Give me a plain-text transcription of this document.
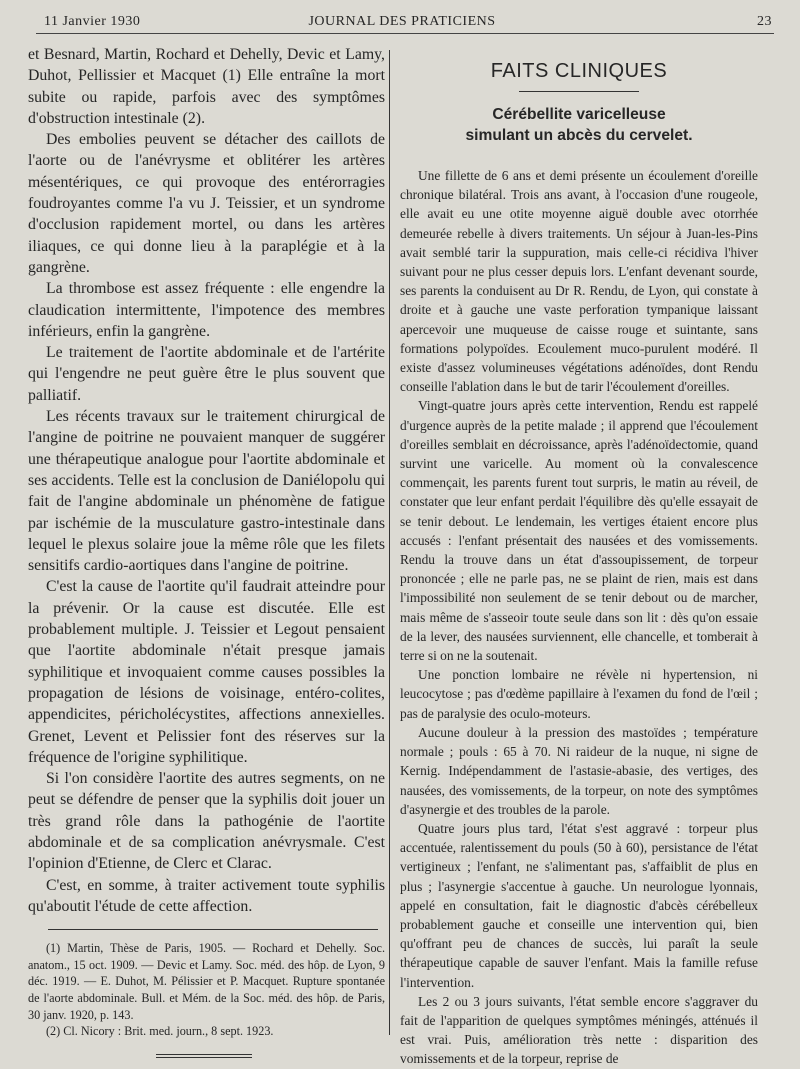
11 Janvier 1930	JOURNAL DES PRATICIENS	23

et Besnard, Martin, Rochard et Dehelly, Devic et Lamy, Duhot, Pellissier et Macquet (1) Elle entraîne la mort subite ou rapide, parfois avec des symptômes d'obstruction intestinale (2).

Des embolies peuvent se détacher des caillots de l'aorte ou de l'anévrysme et oblitérer les artères mésentériques, ce qui provoque des entérorragies foudroyantes comme l'a vu J. Teissier, et un syndrome d'occlusion rapidement mortel, ou dans les artères iliaques, ce qui donne lieu à la paraplégie et à la gangrène.

La thrombose est assez fréquente : elle engendre la claudication intermittente, l'impotence des membres inférieurs, enfin la gangrène.

Le traitement de l'aortite abdominale et de l'artérite qui l'engendre ne peut guère être le plus souvent que palliatif.

Les récents travaux sur le traitement chirurgical de l'angine de poitrine ne pouvaient manquer de suggérer une thérapeutique analogue pour l'aortite abdominale et ses accidents. Telle est la conclusion de Daniélopolu qui fait de l'angine abdominale un phénomène de fatigue par ischémie de la musculature gastro-intestinale dans lequel le plexus solaire joue la même rôle que les filets sensitifs cardio-aortiques dans l'angine de poitrine.

C'est la cause de l'aortite qu'il faudrait atteindre pour la prévenir. Or la cause est discutée. Elle est probablement multiple. J. Teissier et Legout pensaient que l'aortite abdominale n'était presque jamais syphilitique et invoquaient comme causes possibles la propagation de lésions de voisinage, entéro-colites, appendicites, péricholécystites, affections annexielles. Grenet, Levent et Pelissier font des réserves sur la fréquence de l'origine syphilitique.

Si l'on considère l'aortite des autres segments, on ne peut se défendre de penser que la syphilis doit jouer un très grand rôle dans la pathogénie de l'aortite abdominale et de sa complication anévrysmale. C'est l'opinion d'Etienne, de Clerc et Clarac.

C'est, en somme, à traiter activement toute syphilis qu'aboutit l'étude de cette affection.

(1) Martin, Thèse de Paris, 1905. — Rochard et Dehelly. Soc. anatom., 15 oct. 1909. — Devic et Lamy. Soc. méd. des hôp. de Lyon, 9 déc. 1919. — E. Duhot, M. Pélissier et P. Macquet. Rupture spontanée de l'aorte abdominale. Bull. et Mém. de la Soc. méd. des hôp. de Paris, 30 janv. 1920, p. 143.

(2) Cl. Nicory : Brit. med. journ., 8 sept. 1923.

FAITS CLINIQUES
Cérébellite varicelleuse
simulant un abcès du cervelet.

Une fillette de 6 ans et demi présente un écoulement d'oreille chronique bilatéral. Trois ans avant, à l'occasion d'une rougeole, elle avait eu une otite moyenne aiguë double avec otorrhée demeurée rebelle à divers traitements. Un séjour à Juan-les-Pins avait semblé tarir la suppuration, mais celle-ci récidiva l'hiver suivant pour ne plus cesser depuis lors. L'enfant devenant sourde, ses parents la conduisent au Dr R. Rendu, de Lyon, qui constate à droite et à gauche une vaste perforation tympanique laissant apercevoir une muqueuse de caisse rouge et suintante, sans formations polypoïdes. Ecoulement muco-purulent modéré. Il existe d'assez volumineuses végétations adénoïdes, dont Rendu conseille l'ablation dans le but de tarir l'écoulement d'oreilles.

Vingt-quatre jours après cette intervention, Rendu est rappelé d'urgence auprès de la petite malade ; il apprend que l'écoulement d'oreilles semblait en décroissance, après l'adénoïdectomie, quand survint une varicelle. Au moment où la convalescence commençait, les parents furent tout surpris, le matin au réveil, de constater que leur enfant perdait l'équilibre dès qu'elle essayait de se tenir debout. Le lendemain, les vertiges étaient encore plus accusés : l'enfant présentait des nausées et des vomissements. Rendu la trouve dans un état d'assoupissement, de torpeur prononcée ; elle ne parle pas, ne se plaint de rien, mais est dans l'impossibilité non seulement de se tenir debout ou de marcher, mais même de s'asseoir toute seule dans son lit : dès qu'on essaie de la lever, des nausées surviennent, elle chancelle, et tomberait à terre si on ne la soutenait.

Une ponction lombaire ne révèle ni hypertension, ni leucocytose ; pas d'œdème papillaire à l'examen du fond de l'œil ; pas de paralysie des oculo-moteurs.

Aucune douleur à la pression des mastoïdes ; température normale ; pouls : 65 à 70. Ni raideur de la nuque, ni signe de Kernig. Indépendamment de l'astasie-abasie, des vertiges, des nausées, des vomissements, de la torpeur, on note des symptômes d'asynergie et des troubles de la parole.

Quatre jours plus tard, l'état s'est aggravé : torpeur plus accentuée, ralentissement du pouls (50 à 60), persistance de l'état vertigineux ; l'enfant, ne s'alimentant pas, s'affaiblit de plus en plus ; l'asynergie s'accentue à gauche. Un neurologue lyonnais, appelé en consultation, fait le diagnostic d'abcès cérébelleux probablement gauche et conseille une intervention qui, bien qu'offrant peu de chances de succès, lui paraît la seule thérapeutique capable de sauver l'enfant. Mais la famille refuse l'intervention.

Les 2 ou 3 jours suivants, l'état semble encore s'aggraver du fait de l'apparition de quelques symptômes méningés, atténués il est vrai. Puis, amélioration très nette : disparition des vomissements et de la torpeur, reprise de
